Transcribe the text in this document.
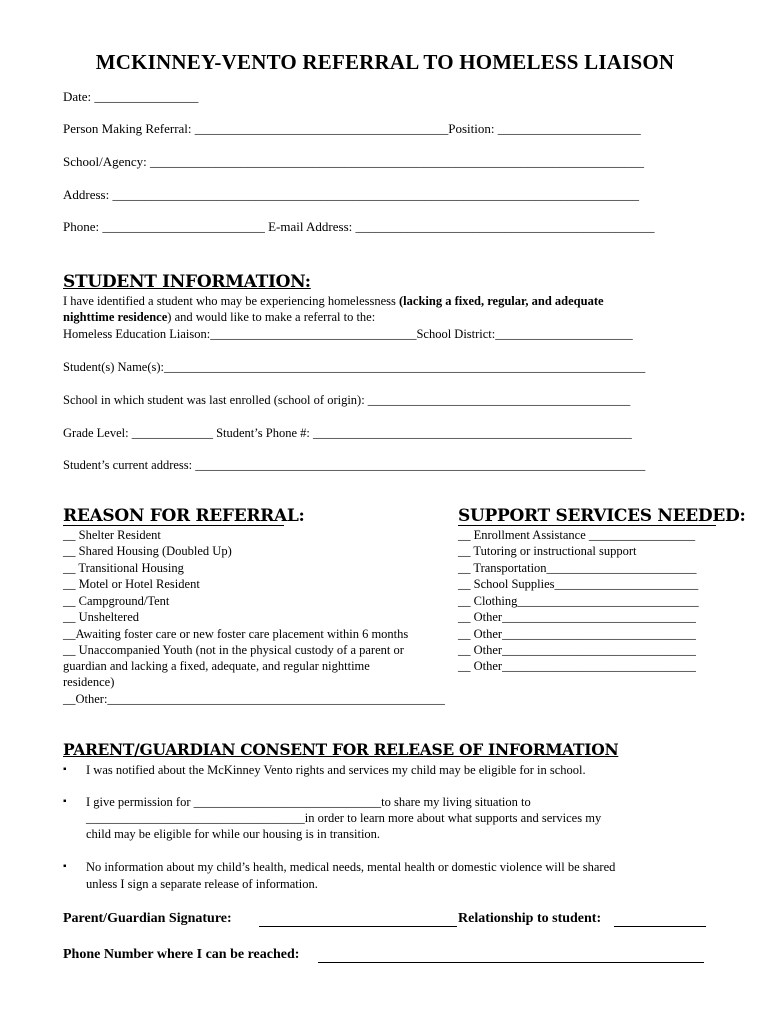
MCKINNEY-VENTO REFERRAL TO HOMELESS LIAISON
Date: ________________
Person Making Referral: _______________________________________Position: ______________________
School/Agency: ____________________________________________________________________________
Address: _________________________________________________________________________________
Phone: _________________________ E-mail Address: ______________________________________________
STUDENT INFORMATION:
I have identified a student who may be experiencing homelessness (lacking a fixed, regular, and adequate
nighttime residence) and would like to make a referral to the:
Homeless Education Liaison:_________________________________School District:______________________
Student(s) Name(s):_____________________________________________________________________________
School in which student was last enrolled (school of origin): __________________________________________
Grade Level: _____________ Student’s Phone #: ___________________________________________________
Student’s current address: ________________________________________________________________________
REASON FOR REFERRAL:
__ Shelter Resident
__ Shared Housing (Doubled Up)
__ Transitional Housing
__ Motel or Hotel Resident
__ Campground/Tent
__ Unsheltered
__Awaiting foster care or new foster care placement within 6 months
__ Unaccompanied Youth (not in the physical custody of a parent or
guardian and lacking a fixed, adequate, and regular nighttime
residence)
__Other:______________________________________________________
SUPPORT SERVICES NEEDED:
__ Enrollment Assistance _________________
__ Tutoring or instructional support
__ Transportation________________________
__ School Supplies_______________________
__ Clothing_____________________________
__ Other_______________________________
__ Other_______________________________
__ Other_______________________________
__ Other_______________________________
PARENT/GUARDIAN CONSENT FOR RELEASE OF INFORMATION
▪ I was notified about the McKinney Vento rights and services my child may be eligible for in school.
▪ I give permission for ______________________________to share my living situation to
___________________________________in order to learn more about what supports and services my
child may be eligible for while our housing is in transition.
▪ No information about my child’s health, medical needs, mental health or domestic violence will be shared
unless I sign a separate release of information.
Parent/Guardian Signature:	Relationship to student:
Phone Number where I can be reached:
